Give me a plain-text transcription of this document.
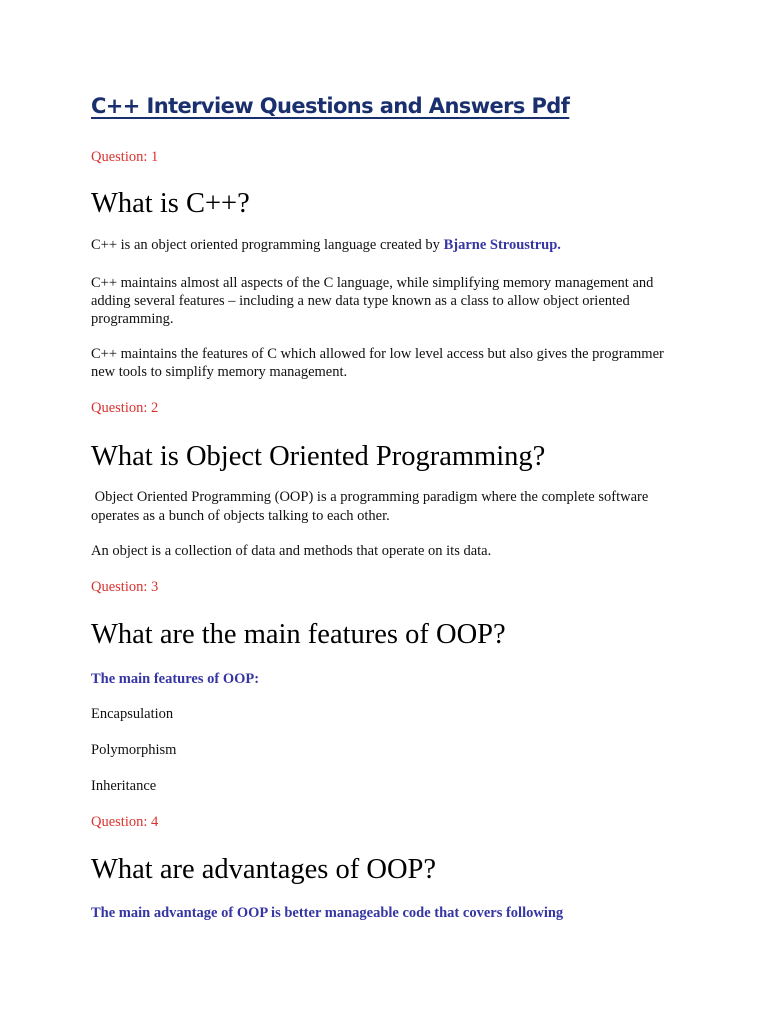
C++ Interview Questions and Answers Pdf
Question: 1
What is C++?

C++ is an object oriented programming language created by Bjarne Stroustrup.

C++ maintains almost all aspects of the C language, while simplifying memory management and adding several features – including a new data type known as a class to allow object oriented programming.

C++ maintains the features of C which allowed for low level access but also gives the programmer new tools to simplify memory management.

Question: 2
What is Object Oriented Programming?

Object Oriented Programming (OOP) is a programming paradigm where the complete software operates as a bunch of objects talking to each other.

An object is a collection of data and methods that operate on its data.

Question: 3
What are the main features of OOP?

The main features of OOP:

Encapsulation

Polymorphism

Inheritance

Question: 4
What are advantages of OOP?

The main advantage of OOP is better manageable code that covers following
